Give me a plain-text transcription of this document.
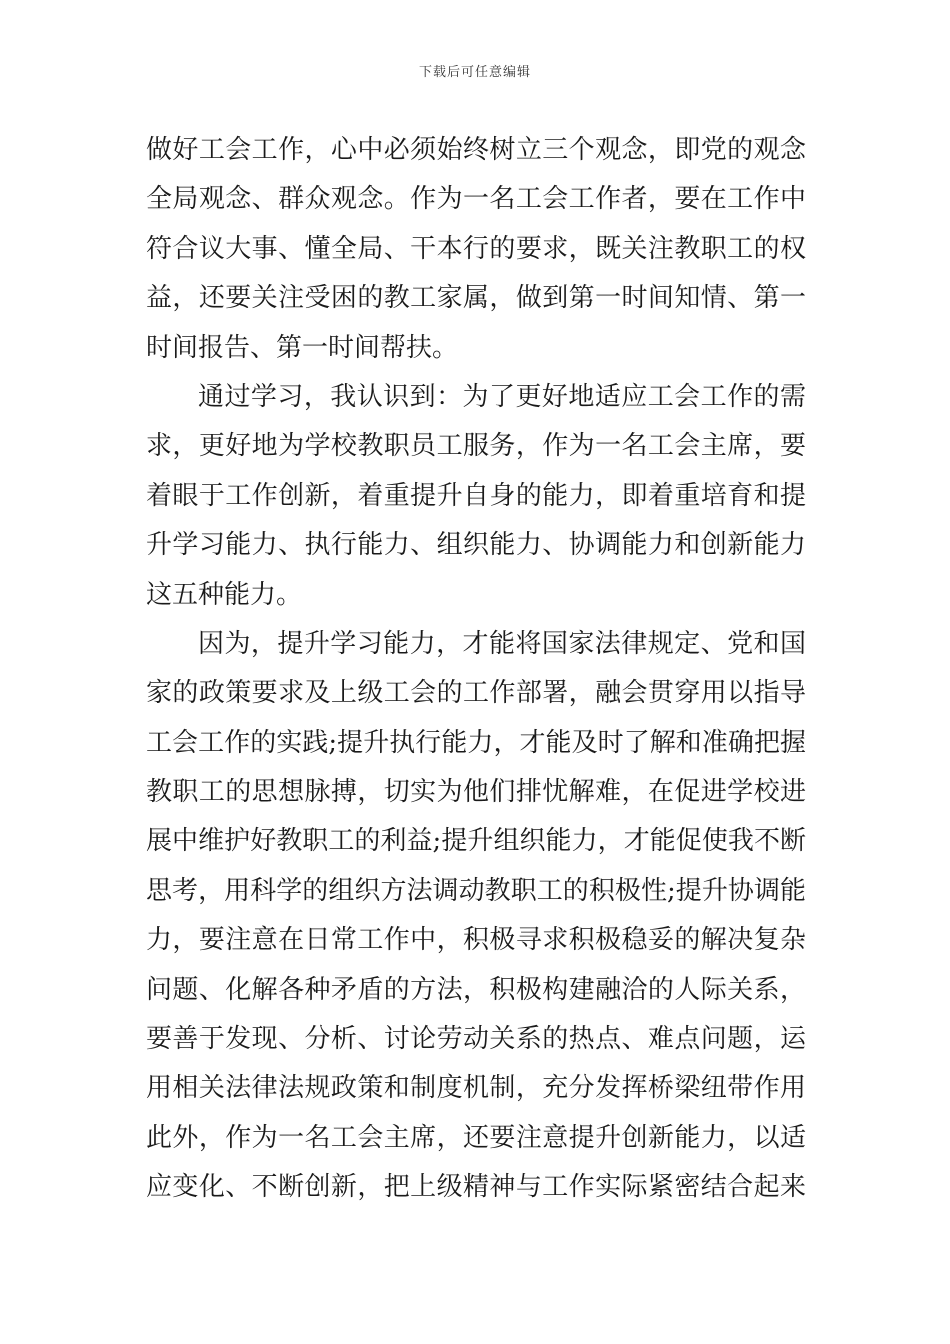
下载后可任意编辑
做好工会工作，心中必须始终树立三个观念，即党的观念
全局观念、群众观念。作为一名工会工作者，要在工作中
符合议大事、懂全局、干本行的要求，既关注教职工的权
益，还要关注受困的教工家属，做到第一时间知情、第一
时间报告、第一时间帮扶。
通过学习，我认识到：为了更好地适应工会工作的需
求，更好地为学校教职员工服务，作为一名工会主席，要
着眼于工作创新，着重提升自身的能力，即着重培育和提
升学习能力、执行能力、组织能力、协调能力和创新能力
这五种能力。
因为，提升学习能力，才能将国家法律规定、党和国
家的政策要求及上级工会的工作部署，融会贯穿用以指导
工会工作的实践;提升执行能力，才能及时了解和准确把握
教职工的思想脉搏，切实为他们排忧解难，在促进学校进
展中维护好教职工的利益;提升组织能力，才能促使我不断
思考，用科学的组织方法调动教职工的积极性;提升协调能
力，要注意在日常工作中，积极寻求积极稳妥的解决复杂
问题、化解各种矛盾的方法，积极构建融洽的人际关系，
要善于发现、分析、讨论劳动关系的热点、难点问题，运
用相关法律法规政策和制度机制，充分发挥桥梁纽带作用
此外，作为一名工会主席，还要注意提升创新能力，以适
应变化、不断创新，把上级精神与工作实际紧密结合起来
